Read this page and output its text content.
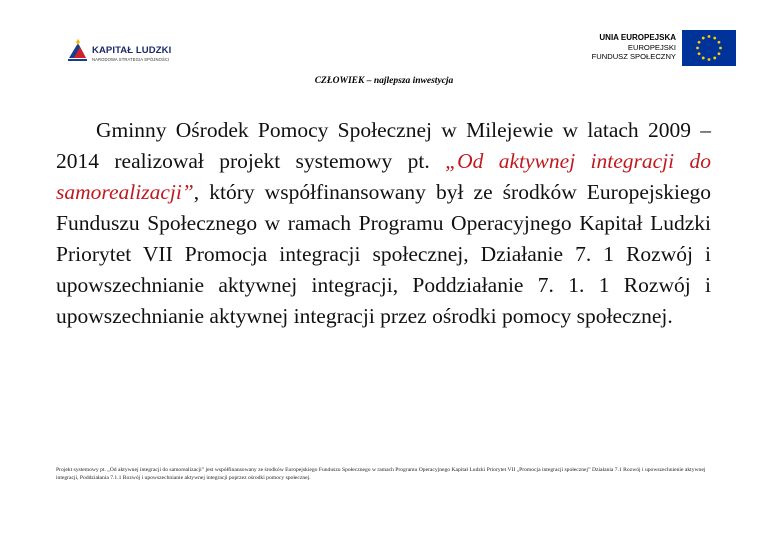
KAPITAŁ LUDZKI
NARODOWA STRATEGIA SPÓJNOŚCI
UNIA EUROPEJSKA
EUROPEJSKI
FUNDUSZ SPOŁECZNY
CZŁOWIEK – najlepsza inwestycja
Gminny Ośrodek Pomocy Społecznej w Milejewie w latach 2009 – 2014 realizował projekt systemowy pt. „Od aktywnej integracji do samorealizacji”, który współfinansowany był ze środków Europejskiego Funduszu Społecznego w ramach Programu Operacyjnego Kapitał Ludzki Priorytet VII Promocja integracji społecznej, Działanie 7. 1 Rozwój i upowszechnianie aktywnej integracji, Poddziałanie 7. 1. 1 Rozwój i upowszechnianie aktywnej integracji przez ośrodki pomocy społecznej.
Projekt systemowy pt. „Od aktywnej integracji do samorealizacji” jest współfinansowany ze środków Europejskiego Funduszu Społecznego w ramach Programu Operacyjnego Kapitał Ludzki Priorytet VII „Promocja integracji społecznej” Działania 7.1 Rozwój i upowszechnienie aktywnej integracji, Poddziałania 7.1.1 Rozwój i upowszechnianie aktywnej integracji poprzez ośrodki pomocy społecznej.
